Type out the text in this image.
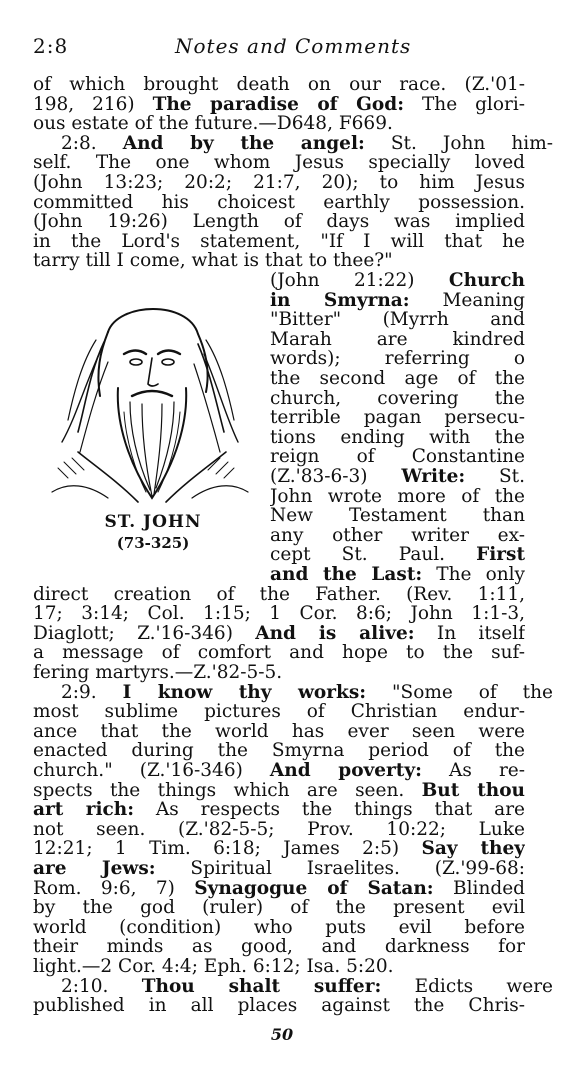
2:8	Notes and Comments
of which brought death on our race. (Z.'01-
198, 216) The paradise of God: The glori-
ous estate of the future.—D648, F669.
2:8. And by the angel: St. John him-
self. The one whom Jesus specially loved
(John 13:23; 20:2; 21:7, 20); to him Jesus
committed his choicest earthly possession.
(John 19:26) Length of days was implied
in the Lord's statement, "If I will that he
tarry till I come, what is that to thee?"
(John 21:22) Church
in Smyrna: Meaning
"Bitter" (Myrrh and
Marah are kindred
words); referring o
the second age of the
church, covering the
terrible pagan persecu-
tions ending with the
reign of Constantine
(Z.'83-6-3) Write: St.
John wrote more of the
New Testament than
any other writer ex-
cept St. Paul. First
and the Last: The only
direct creation of the Father. (Rev. 1:11,
17; 3:14; Col. 1:15; 1 Cor. 8:6; John 1:1-3,
Diaglott; Z.'16-346) And is alive: In itself
a message of comfort and hope to the suf-
fering martyrs.—Z.'82-5-5.
2:9. I know thy works: "Some of the
most sublime pictures of Christian endur-
ance that the world has ever seen were
enacted during the Smyrna period of the
church." (Z.'16-346) And poverty: As re-
spects the things which are seen. But thou
art rich: As respects the things that are
not seen. (Z.'82-5-5; Prov. 10:22; Luke
12:21; 1 Tim. 6:18; James 2:5) Say they
are Jews: Spiritual Israelites. (Z.'99-68:
Rom. 9:6, 7) Synagogue of Satan: Blinded
by the god (ruler) of the present evil
world (condition) who puts evil before
their minds as good, and darkness for
light.—2 Cor. 4:4; Eph. 6:12; Isa. 5:20.
2:10. Thou shalt suffer: Edicts were
published in all places against the Chris-
ST. JOHN
(73-325)
50
